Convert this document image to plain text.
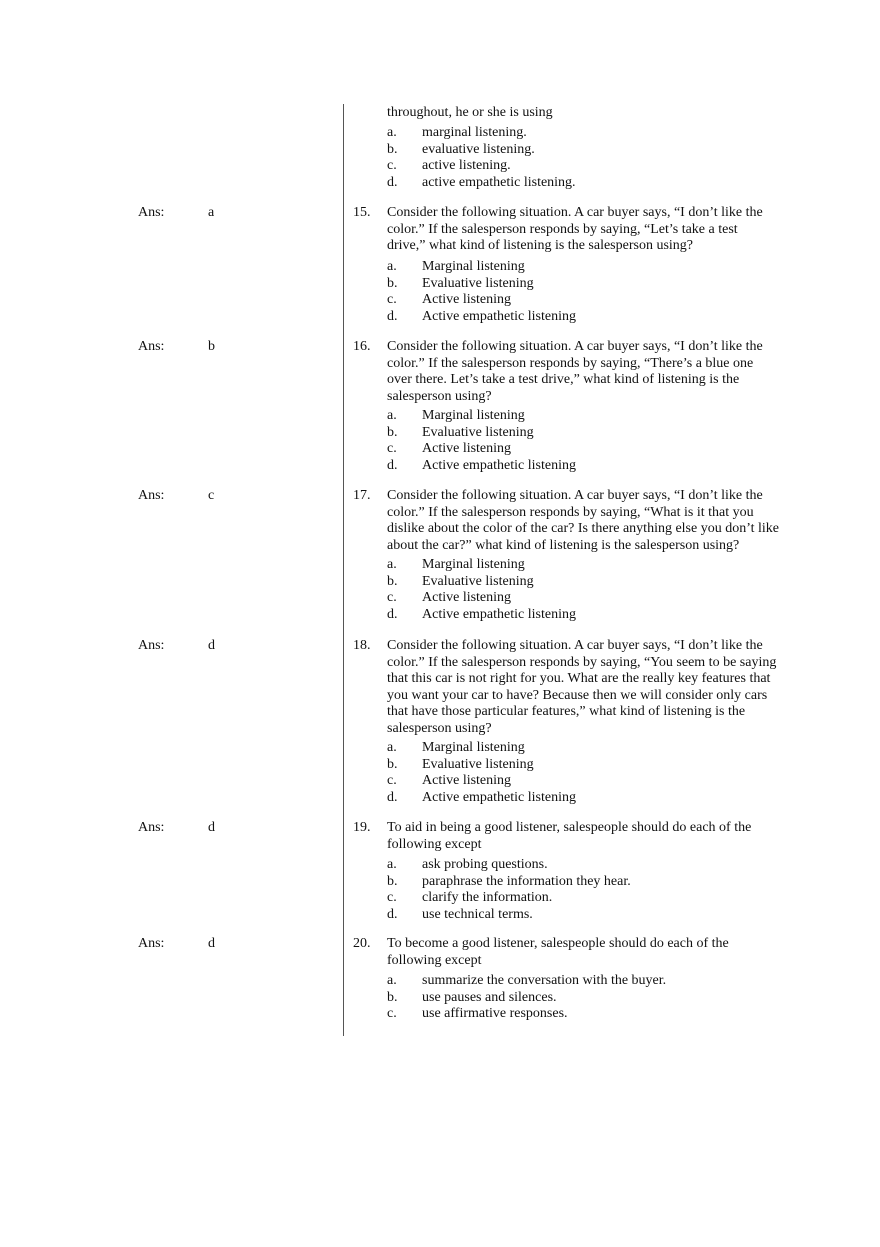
throughout, he or she is using
a. marginal listening.
b. evaluative listening.
c. active listening.
d. active empathetic listening.
Ans:	a	15. Consider the following situation. A car buyer says, “I don’t like the color.” If the salesperson responds by saying, “Let’s take a test drive,” what kind of listening is the salesperson using?
a. Marginal listening
b. Evaluative listening
c. Active listening
d. Active empathetic listening
Ans:	b	16. Consider the following situation. A car buyer says, “I don’t like the color.” If the salesperson responds by saying, “There’s a blue one over there. Let’s take a test drive,” what kind of listening is the salesperson using?
a. Marginal listening
b. Evaluative listening
c. Active listening
d. Active empathetic listening
Ans:	c	17. Consider the following situation. A car buyer says, “I don’t like the color.” If the salesperson responds by saying, “What is it that you dislike about the color of the car? Is there anything else you don’t like about the car?” what kind of listening is the salesperson using?
a. Marginal listening
b. Evaluative listening
c. Active listening
d. Active empathetic listening
Ans:	d	18. Consider the following situation. A car buyer says, “I don’t like the color.” If the salesperson responds by saying, “You seem to be saying that this car is not right for you. What are the really key features that you want your car to have? Because then we will consider only cars that have those particular features,” what kind of listening is the salesperson using?
a. Marginal listening
b. Evaluative listening
c. Active listening
d. Active empathetic listening
Ans:	d	19. To aid in being a good listener, salespeople should do each of the following except
a. ask probing questions.
b. paraphrase the information they hear.
c. clarify the information.
d. use technical terms.
Ans:	d	20. To become a good listener, salespeople should do each of the following except
a. summarize the conversation with the buyer.
b. use pauses and silences.
c. use affirmative responses.
